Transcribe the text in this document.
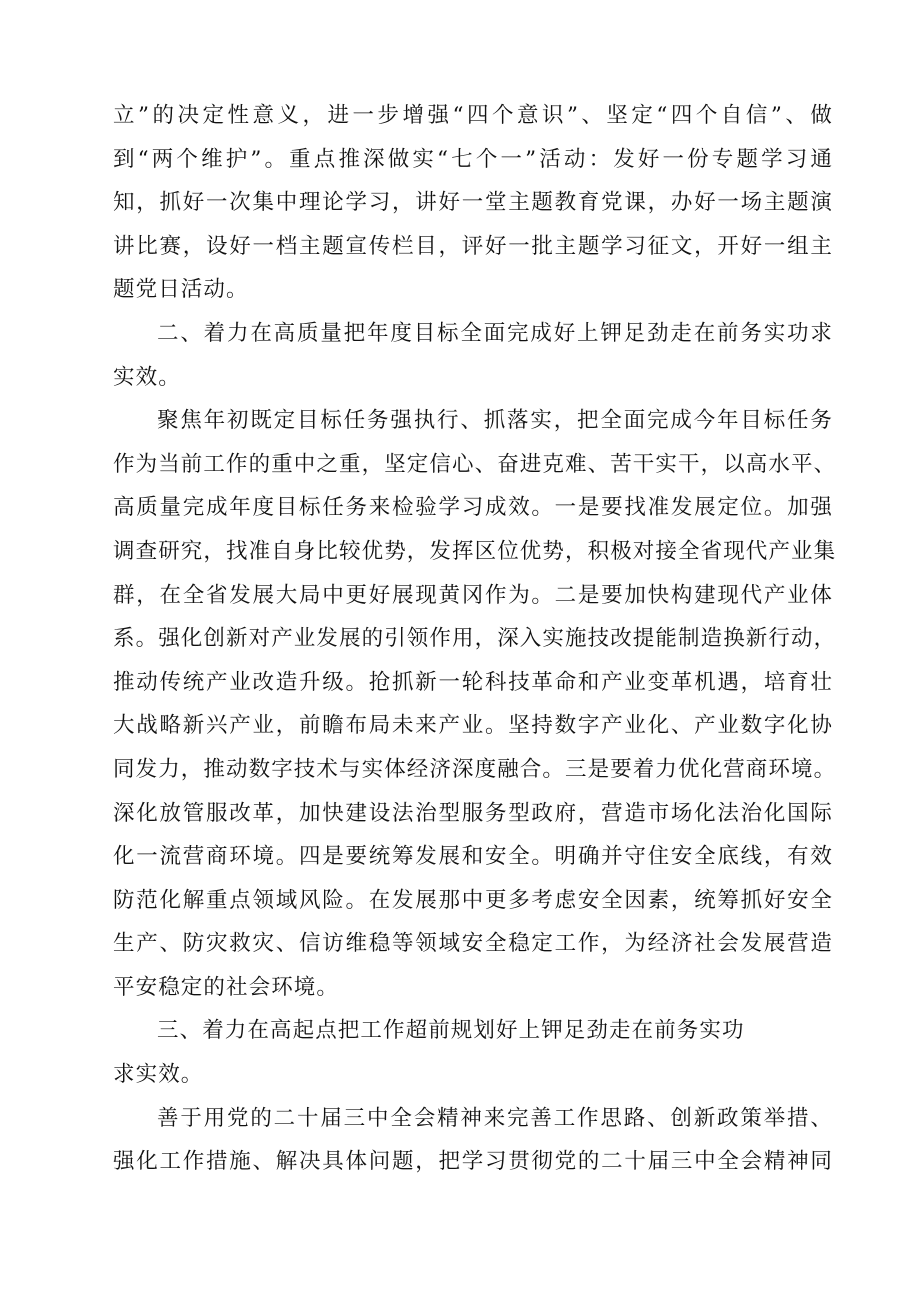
立”的决定性意义，进一步增强“四个意识”、坚定“四个自信”、做
到“两个维护”。重点推深做实“七个一”活动：发好一份专题学习通
知，抓好一次集中理论学习，讲好一堂主题教育党课，办好一场主题演
讲比赛，设好一档主题宣传栏目，评好一批主题学习征文，开好一组主
题党日活动。
二、着力在高质量把年度目标全面完成好上钾足劲走在前务实功求
实效。
聚焦年初既定目标任务强执行、抓落实，把全面完成今年目标任务
作为当前工作的重中之重，坚定信心、奋进克难、苦干实干，以高水平、
高质量完成年度目标任务来检验学习成效。一是要找准发展定位。加强
调查研究，找准自身比较优势，发挥区位优势，积极对接全省现代产业集
群，在全省发展大局中更好展现黄冈作为。二是要加快构建现代产业体
系。强化创新对产业发展的引领作用，深入实施技改提能制造换新行动，
推动传统产业改造升级。抢抓新一轮科技革命和产业变革机遇，培育壮
大战略新兴产业，前瞻布局未来产业。坚持数字产业化、产业数字化协
同发力，推动数字技术与实体经济深度融合。三是要着力优化营商环境。
深化放管服改革，加快建设法治型服务型政府，营造市场化法治化国际
化一流营商环境。四是要统筹发展和安全。明确并守住安全底线，有效
防范化解重点领域风险。在发展那中更多考虑安全因素，统筹抓好安全
生产、防灾救灾、信访维稳等领域安全稳定工作，为经济社会发展营造
平安稳定的社会环境。
三、着力在高起点把工作超前规划好上钾足劲走在前务实功
求实效。
善于用党的二十届三中全会精神来完善工作思路、创新政策举措、
强化工作措施、解决具体问题，把学习贯彻党的二十届三中全会精神同
